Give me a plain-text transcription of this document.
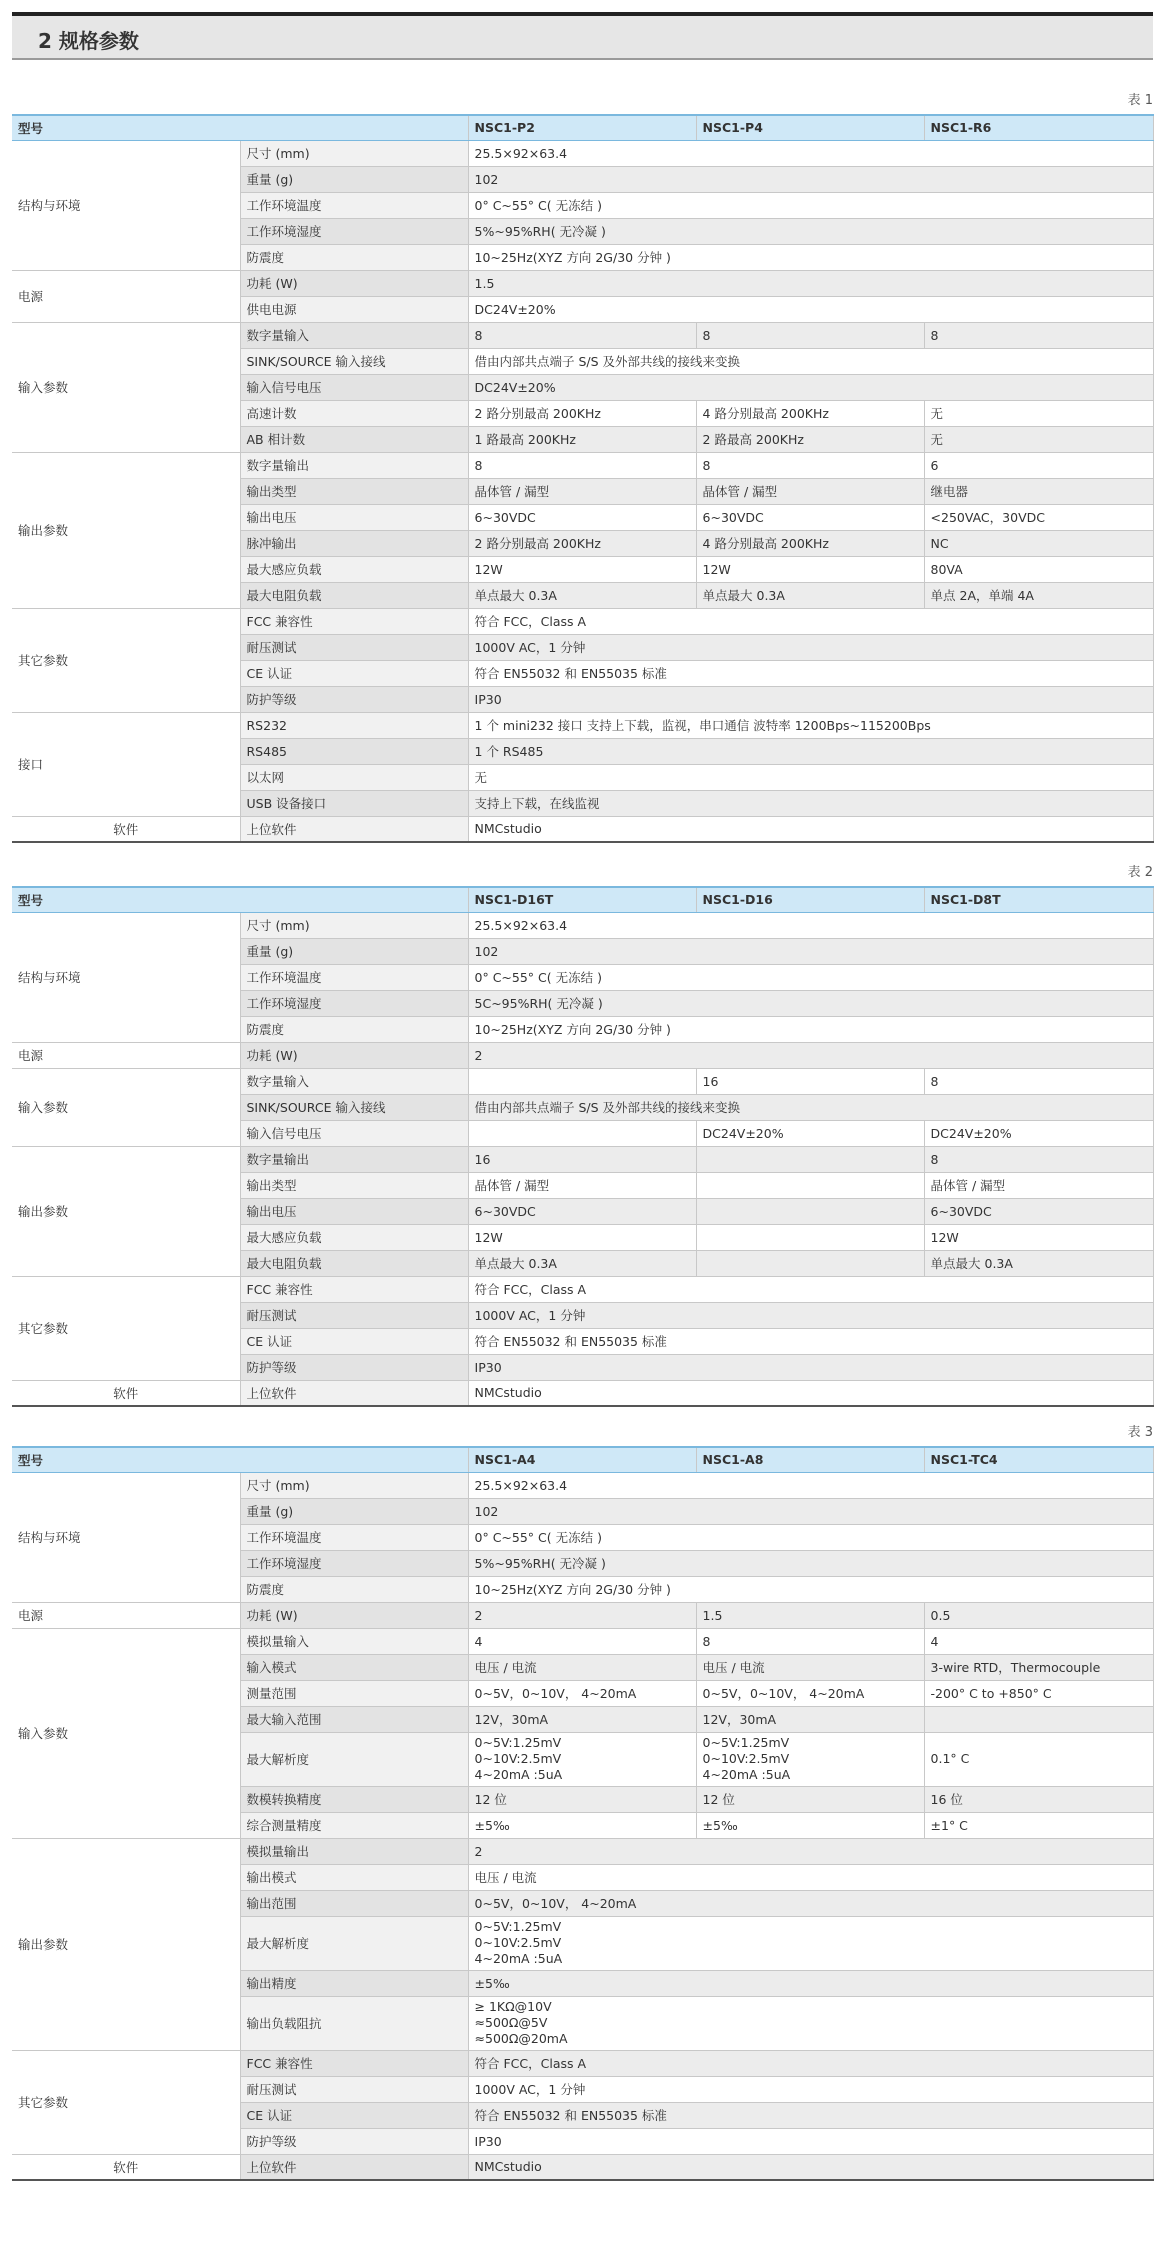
2 规格参数
表 1
型号		NSC1-P2	NSC1-P4	NSC1-R6
结构与环境	尺寸 (mm)	25.5×92×63.4		
	重量 (g)	102		
	工作环境温度	0° C~55° C( 无冻结 )		
	工作环境湿度	5%~95%RH( 无冷凝 )		
	防震度	10~25Hz(XYZ 方向 2G/30 分钟 )		
电源	功耗 (W)	1.5		
	供电电源	DC24V±20%		
输入参数	数字量输入	8	8	8
	SINK/SOURCE 输入接线	借由内部共点端子 S/S 及外部共线的接线来变换		
	输入信号电压	DC24V±20%		
	高速计数	2 路分别最高 200KHz	4 路分别最高 200KHz	无
	AB 相计数	1 路最高 200KHz	2 路最高 200KHz	无
输出参数	数字量输出	8	8	6
	输出类型	晶体管 / 漏型	晶体管 / 漏型	继电器
	输出电压	6~30VDC	6~30VDC	<250VAC，30VDC
	脉冲输出	2 路分别最高 200KHz	4 路分别最高 200KHz	NC
	最大感应负载	12W	12W	80VA
	最大电阻负载	单点最大 0.3A	单点最大 0.3A	单点 2A，单端 4A
其它参数	FCC 兼容性	符合 FCC，Class A		
	耐压测试	1000V AC，1 分钟		
	CE 认证	符合 EN55032 和 EN55035 标准		
	防护等级	IP30		
接口	RS232	1 个 mini232 接口 支持上下载，监视，串口通信 波特率 1200Bps~115200Bps		
	RS485	1 个 RS485		
	以太网	无		
	USB 设备接口	支持上下载，在线监视		
软件	上位软件	NMCstudio		
表 2
型号		NSC1-D16T	NSC1-D16	NSC1-D8T
结构与环境	尺寸 (mm)	25.5×92×63.4		
	重量 (g)	102		
	工作环境温度	0° C~55° C( 无冻结 )		
	工作环境湿度	5C~95%RH( 无冷凝 )		
	防震度	10~25Hz(XYZ 方向 2G/30 分钟 )		
电源	功耗 (W)	2		
输入参数	数字量输入		16	8
	SINK/SOURCE 输入接线	借由内部共点端子 S/S 及外部共线的接线来变换		
	输入信号电压		DC24V±20%	DC24V±20%
输出参数	数字量输出	16		8
	输出类型	晶体管 / 漏型		晶体管 / 漏型
	输出电压	6~30VDC		6~30VDC
	最大感应负载	12W		12W
	最大电阻负载	单点最大 0.3A		单点最大 0.3A
其它参数	FCC 兼容性	符合 FCC，Class A		
	耐压测试	1000V AC，1 分钟		
	CE 认证	符合 EN55032 和 EN55035 标准		
	防护等级	IP30		
软件	上位软件	NMCstudio		
表 3
型号		NSC1-A4	NSC1-A8	NSC1-TC4
结构与环境	尺寸 (mm)	25.5×92×63.4		
	重量 (g)	102		
	工作环境温度	0° C~55° C( 无冻结 )		
	工作环境湿度	5%~95%RH( 无冷凝 )		
	防震度	10~25Hz(XYZ 方向 2G/30 分钟 )		
电源	功耗 (W)	2	1.5	0.5
输入参数	模拟量输入	4	8	4
	输入模式	电压 / 电流	电压 / 电流	3-wire RTD，Thermocouple
	测量范围	0~5V，0~10V， 4~20mA	0~5V，0~10V， 4~20mA	-200° C to +850° C
	最大输入范围	12V，30mA	12V，30mA	
	最大解析度	0~5V:1.25mV
0~10V:2.5mV
4~20mA :5uA	0~5V:1.25mV
0~10V:2.5mV
4~20mA :5uA	0.1° C
	数模转换精度	12 位	12 位	16 位
	综合测量精度	±5‰	±5‰	±1° C
输出参数	模拟量输出	2		
	输出模式	电压 / 电流		
	输出范围	0~5V，0~10V， 4~20mA		
	最大解析度	0~5V:1.25mV
0~10V:2.5mV
4~20mA :5uA		
	输出精度	±5‰		
	输出负载阻抗	≥ 1KΩ@10V
≈500Ω@5V
≈500Ω@20mA		
其它参数	FCC 兼容性	符合 FCC，Class A		
	耐压测试	1000V AC，1 分钟		
	CE 认证	符合 EN55032 和 EN55035 标准		
	防护等级	IP30		
软件	上位软件	NMCstudio		
